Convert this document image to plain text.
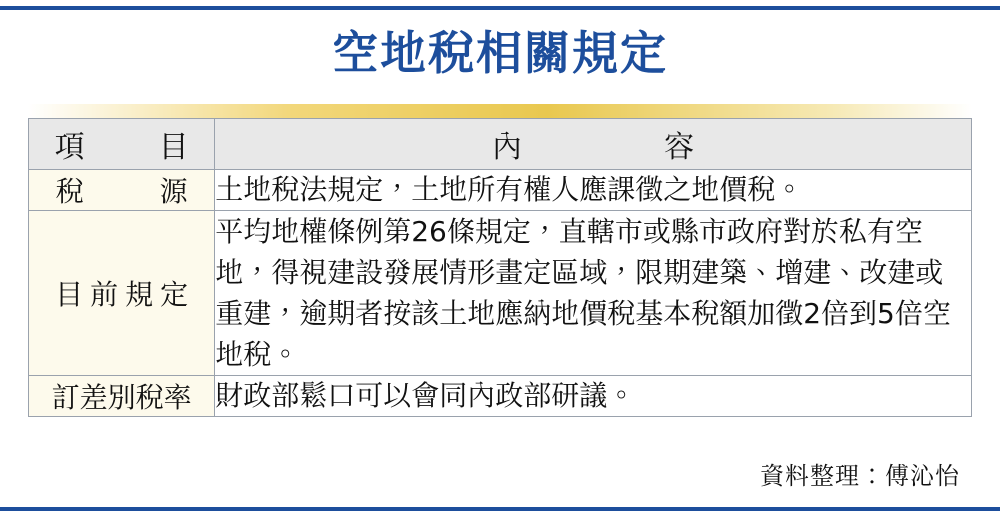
空地稅相關規定
項　目	內　容
稅　源	土地稅法規定，土地所有權人應課徵之地價稅。
目前規定	平均地權條例第26條規定，直轄市或縣市政府對於私有空地，得視建設發展情形畫定區域，限期建築、增建、改建或重建，逾期者按該土地應納地價稅基本稅額加徵2倍到5倍空地稅。
訂差別稅率	財政部鬆口可以會同內政部研議。
資料整理：傅沁怡
